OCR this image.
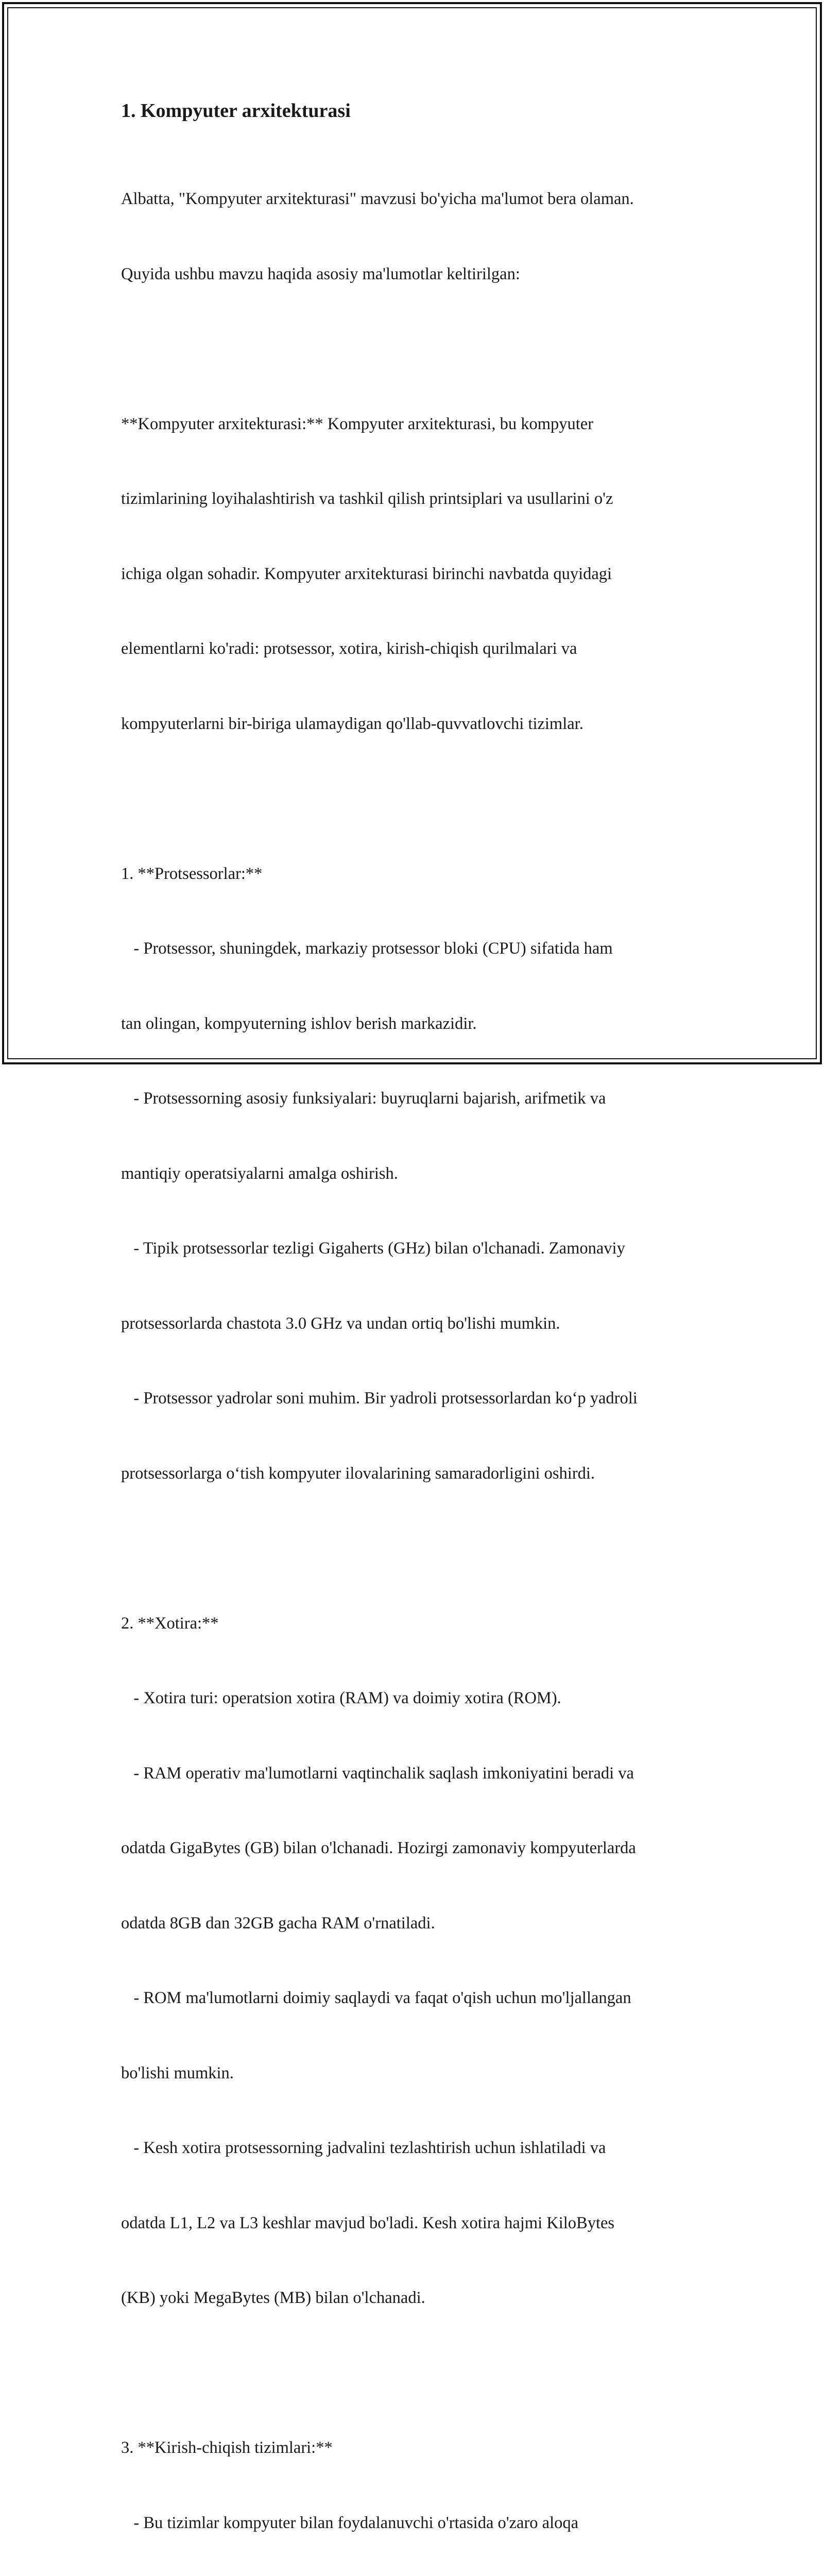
1. Kompyuter arxitekturasi

Albatta, "Kompyuter arxitekturasi" mavzusi bo'yicha ma'lumot bera olaman.

Quyida ushbu mavzu haqida asosiy ma'lumotlar keltirilgan:

**Kompyuter arxitekturasi:** Kompyuter arxitekturasi, bu kompyuter

tizimlarining loyihalashtirish va tashkil qilish printsiplari va usullarini o'z

ichiga olgan sohadir. Kompyuter arxitekturasi birinchi navbatda quyidagi

elementlarni ko'radi: protsessor, xotira, kirish-chiqish qurilmalari va

kompyuterlarni bir-biriga ulamaydigan qo'llab-quvvatlovchi tizimlar.

1. **Protsessorlar:**

- Protsessor, shuningdek, markaziy protsessor bloki (CPU) sifatida ham

tan olingan, kompyuterning ishlov berish markazidir.

- Protsessorning asosiy funksiyalari: buyruqlarni bajarish, arifmetik va

mantiqiy operatsiyalarni amalga oshirish.

- Tipik protsessorlar tezligi Gigaherts (GHz) bilan o'lchanadi. Zamonaviy

protsessorlarda chastota 3.0 GHz va undan ortiq bo'lishi mumkin.

- Protsessor yadrolar soni muhim. Bir yadroli protsessorlardan koʻp yadroli

protsessorlarga oʻtish kompyuter ilovalarining samaradorligini oshirdi.

2. **Xotira:**

- Xotira turi: operatsion xotira (RAM) va doimiy xotira (ROM).

- RAM operativ ma'lumotlarni vaqtinchalik saqlash imkoniyatini beradi va

odatda GigaBytes (GB) bilan o'lchanadi. Hozirgi zamonaviy kompyuterlarda

odatda 8GB dan 32GB gacha RAM o'rnatiladi.

- ROM ma'lumotlarni doimiy saqlaydi va faqat o'qish uchun mo'ljallangan

bo'lishi mumkin.

- Kesh xotira protsessorning jadvalini tezlashtirish uchun ishlatiladi va

odatda L1, L2 va L3 keshlar mavjud bo'ladi. Kesh xotira hajmi KiloBytes

(KB) yoki MegaBytes (MB) bilan o'lchanadi.

3. **Kirish-chiqish tizimlari:**

- Bu tizimlar kompyuter bilan foydalanuvchi o'rtasida o'zaro aloqa
